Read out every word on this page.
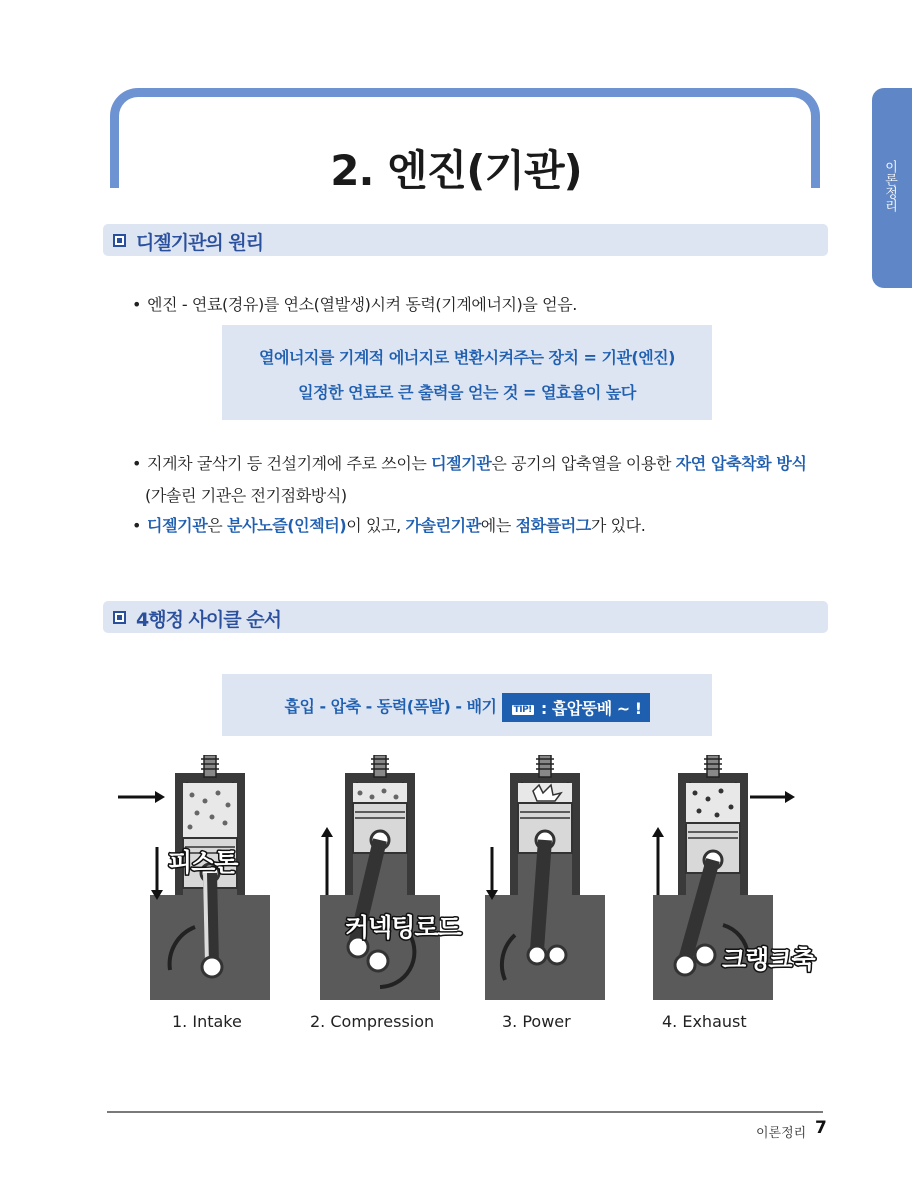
2. 엔진(기관)	이론정리
디젤기관의 원리
• 엔진 - 연료(경유)를 연소(열발생)시켜 동력(기계에너지)을 얻음.
열에너지를 기계적 에너지로 변환시켜주는 장치 = 기관(엔진)
일정한 연료로 큰 출력을 얻는 것 = 열효율이 높다
• 지게차 굴삭기 등 건설기계에 주로 쓰이는 디젤기관은 공기의 압축열을 이용한 자연 압축착화 방식
(가솔린 기관은 전기점화방식)
• 디젤기관은 분사노즐(인젝터)이 있고, 가솔린기관에는 점화플러그가 있다.
4행정 사이클 순서
흡입 - 압축 - 동력(폭발) - 배기 TIP! : 흡압뚱배 ~ !
피스톤
커넥팅로드
크랭크축
1. Intake	2. Compression	3. Power	4. Exhaust
이론정리 7
